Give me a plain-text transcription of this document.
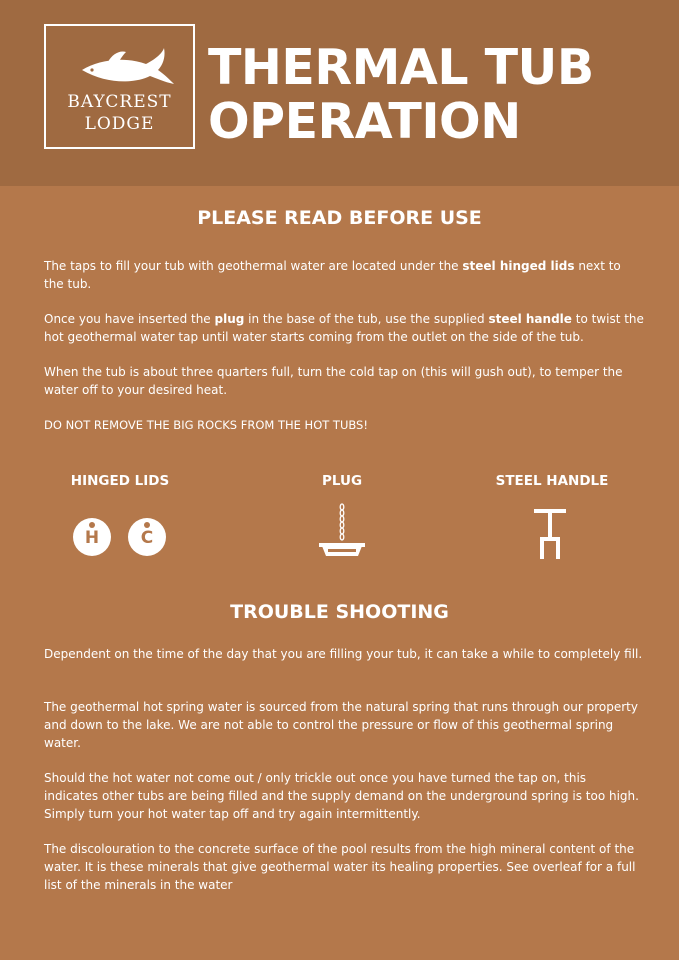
BAYCREST
LODGE
THERMAL TUB
OPERATION
PLEASE READ BEFORE USE
The taps to fill your tub with geothermal water are located under the steel hinged lids next to the tub.
Once you have inserted the plug in the base of the tub, use the supplied steel handle to twist the hot geothermal water tap until water starts coming from the outlet on the side of the tub.
When the tub is about three quarters full, turn the cold tap on (this will gush out), to temper the water off to your desired heat.
DO NOT REMOVE THE BIG ROCKS FROM THE HOT TUBS!
HINGED LIDS	PLUG	STEEL HANDLE
H	C
TROUBLE SHOOTING
Dependent on the time of the day that you are filling your tub, it can take a while to completely fill.
The geothermal hot spring water is sourced from the natural spring that runs through our property and down to the lake. We are not able to control the pressure or flow of this geothermal spring water.
Should the hot water not come out / only trickle out once you have turned the tap on, this indicates other tubs are being filled and the supply demand on the underground spring is too high. Simply turn your hot water tap off and try again intermittently.
The discolouration to the concrete surface of the pool results from the high mineral content of the water. It is these minerals that give geothermal water its healing properties. See overleaf for a full list of the minerals in the water
